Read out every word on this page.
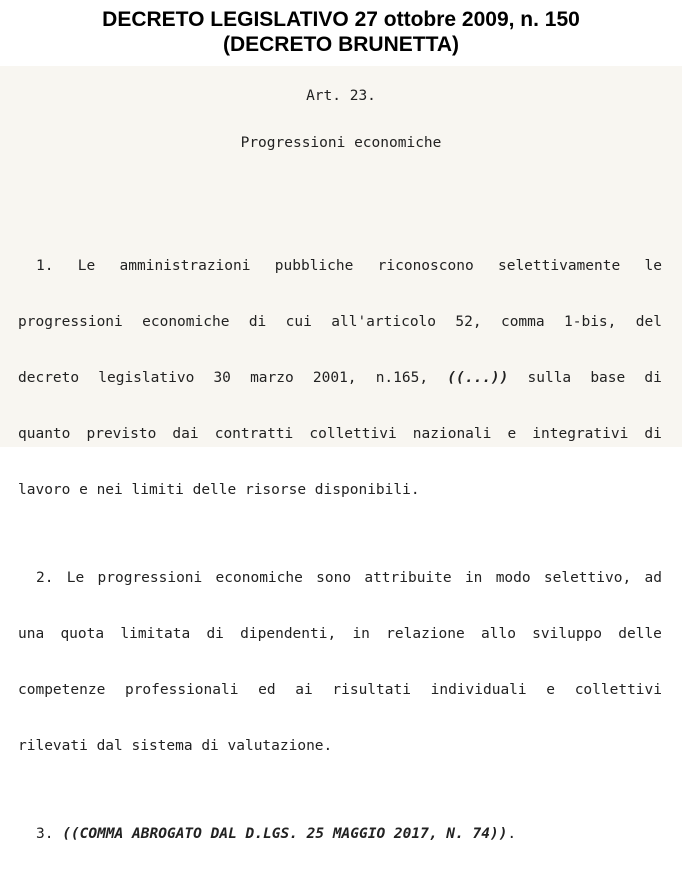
DECRETO LEGISLATIVO 27 ottobre 2009, n. 150
(DECRETO BRUNETTA)
Art. 23.
Progressioni economiche

1. Le amministrazioni pubbliche riconoscono selettivamente le

progressioni economiche di cui all'articolo 52, comma 1-bis, del

decreto legislativo 30 marzo 2001, n.165, ((...)) sulla base di

quanto previsto dai contratti collettivi nazionali e integrativi di

lavoro e nei limiti delle risorse disponibili.

2. Le progressioni economiche sono attribuite in modo selettivo, ad

una quota limitata di dipendenti, in relazione allo sviluppo delle

competenze professionali ed ai risultati individuali e collettivi

rilevati dal sistema di valutazione.

3.
((COMMA ABROGATO DAL D.LGS. 25 MAGGIO 2017, N. 74)) .
